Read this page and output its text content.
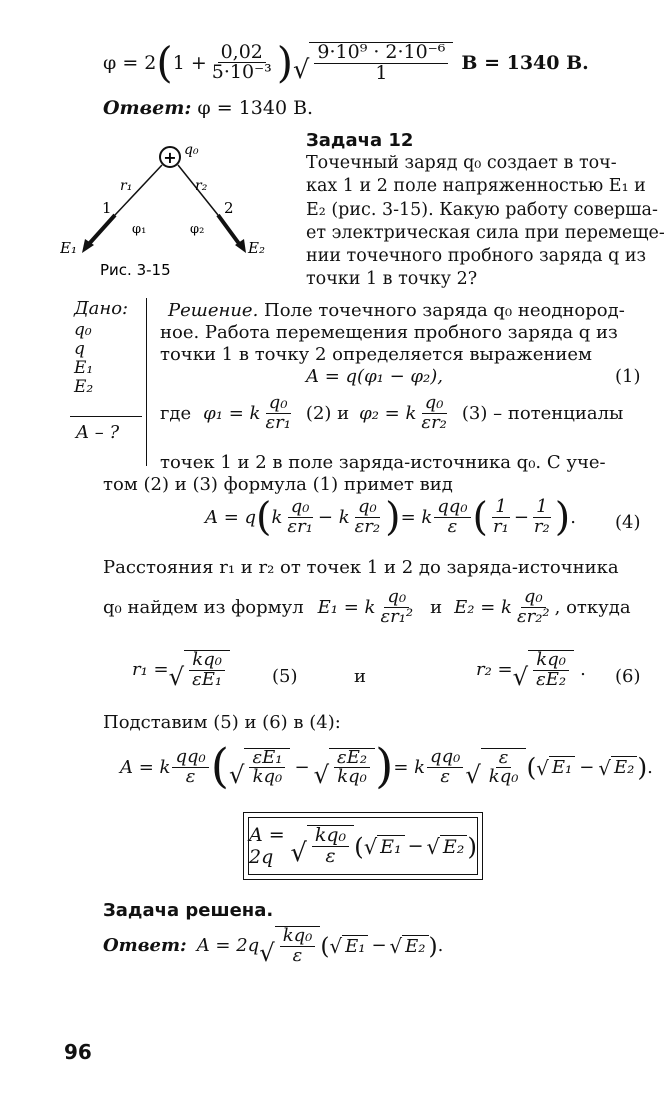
φ = 2 ( $1 + \frac{0,02}{\text{5·10⁻³}}$ ) √ $\frac{\text{9·10⁹ · 2·10⁻⁶}}{1}$ В = 1340 В.
Ответ: φ = 1340 В.
+ q₀
r₁	r₂
1	2
φ₁	φ₂
E₁	E₂
Рис. 3-15
Задача 12
Точечный заряд q₀ создает в точ-
ках 1 и 2 поле напряженностью E₁ и
E₂ (рис. 3-15). Какую работу соверша-
ет электрическая сила при перемеще-
нии точечного пробного заряда q из
точки 1 в точку 2?
Дано:
q₀
q
E₁
E₂
A – ?
Решение. Поле точечного заряда q₀ неоднород-
ное. Работа перемещения пробного заряда q из
точки 1 в точку 2 определяется выражением
A = q(φ₁ − φ₂),	(1)
где φ₁ = k $\frac{\text{q₀}}{\text{εr₁}} (2)$ и φ₂ = k $\frac{\text{q₀}}{\text{εr₂}} (3)$ – потенциалы
точек 1 и 2 в поле заряда-источника q₀. С уче-
том (2) и (3) формула (1) примет вид
A = q ( k $\frac{\text{q₀}}{\text{εr₁}} - k \frac{\text{q₀}}{\text{εr₂}}$ ) = k $\frac{\text{qq₀}}{\varepsilon}$ ( $\frac{1}{\text{r₁}} - \frac{1}{\text{r₂}}$ ) . (4)
Расстояния r₁ и r₂ от точек 1 и 2 до заряда-источника
q₀ найдем из формул E₁ = k $\frac{\text{q₀}}{\text{εr₁²}}$ и E₂ = k $\frac{\text{q₀}}{\text{εr₂²}}$ , откуда
r₁ = √ $\frac{\text{kq₀}}{\text{εE₁}}$	(5)	и	r₂ = √ $\frac{\text{kq₀}}{\text{εE₂}}$ . (6)
Подставим (5) и (6) в (4):
A = k $\frac{\text{qq₀}}{\varepsilon}$ ( √ $\frac{\text{εE₁}}{\text{kq₀}}$ − √ $\frac{\text{εE₂}}{\text{kq₀}}$ ) = k $\frac{\text{qq₀}}{\varepsilon}$ √ $\frac{\varepsilon}{\text{kq₀}}$ ( √ E₁ − √ E₂ ) .
A = 2q √ $\frac{\text{kq₀}}{\varepsilon}$ ( √ E₁ − √ E₂ )
Задача решена.
Ответ: A = 2q √ $\frac{\text{kq₀}}{\varepsilon}$ ( √ E₁ − √ E₂ ) .
96
